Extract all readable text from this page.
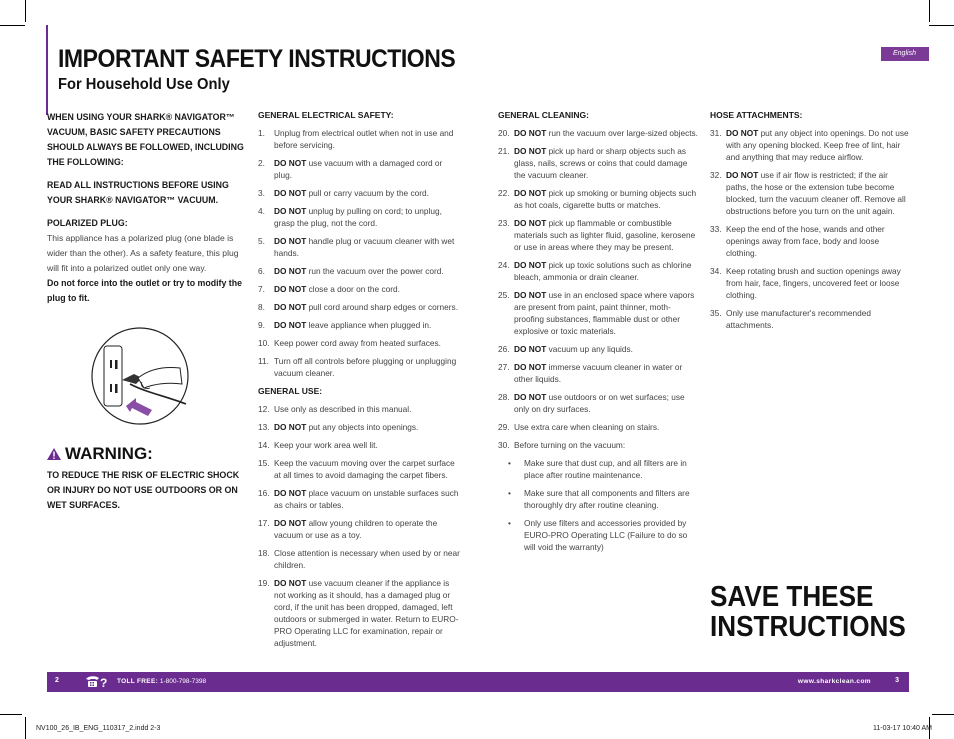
English
IMPORTANT SAFETY INSTRUCTIONS
For Household Use Only
WHEN USING YOUR SHARK® NAVIGATOR™ VACUUM, BASIC SAFETY PRECAUTIONS SHOULD ALWAYS BE FOLLOWED, INCLUDING THE FOLLOWING:
READ ALL INSTRUCTIONS BEFORE USING YOUR SHARK® NAVIGATOR™ VACUUM.
POLARIZED PLUG:
This appliance has a polarized plug (one blade is wider than the other). As a safety feature, this plug will fit into a polarized outlet only one way.
Do not force into the outlet or try to modify the plug to fit.
WARNING:
TO REDUCE THE RISK OF ELECTRIC SHOCK OR INJURY DO NOT USE OUTDOORS OR ON WET SURFACES.
GENERAL ELECTRICAL SAFETY:
1.	Unplug from electrical outlet when not in use and before servicing.
2.	DO NOT use vacuum with a damaged cord or plug.
3.	DO NOT pull or carry vacuum by the cord.
4.	DO NOT unplug by pulling on cord; to unplug, grasp the plug, not the cord.
5.	DO NOT handle plug or vacuum cleaner with wet hands.
6.	DO NOT run the vacuum over the power cord.
7.	DO NOT close a door on the cord.
8.	DO NOT pull cord around sharp edges or corners.
9.	DO NOT leave appliance when plugged in.
10. Keep power cord away from heated surfaces.
11. Turn off all controls before plugging or unplugging vacuum cleaner.
GENERAL USE:
12. Use only as described in this manual.
13. DO NOT put any objects into openings.
14. Keep your work area well lit.
15. Keep the vacuum moving over the carpet surface at all times to avoid damaging the carpet fibers.
16. DO NOT place vacuum on unstable surfaces such as chairs or tables.
17. DO NOT allow young children to operate the vacuum or use as a toy.
18. Close attention is necessary when used by or near children.
19. DO NOT use vacuum cleaner if the appliance is not working as it should, has a damaged plug or cord, if the unit has been dropped, damaged, left outdoors or submerged in water. Return to EURO-PRO Operating LLC for examination, repair or adjustment.
GENERAL CLEANING:
20. DO NOT run the vacuum over large-sized objects.
21. DO NOT pick up hard or sharp objects such as glass, nails, screws or coins that could damage the vacuum cleaner.
22. DO NOT pick up smoking or burning objects such as hot coals, cigarette butts or matches.
23. DO NOT pick up flammable or combustible materials such as lighter fluid, gasoline, kerosene or use in areas where they may be present.
24. DO NOT pick up toxic solutions such as chlorine bleach, ammonia or drain cleaner.
25. DO NOT use in an enclosed space where vapors are present from paint, paint thinner, moth-proofing substances, flammable dust or other explosive or toxic materials.
26. DO NOT vacuum up any liquids.
27. DO NOT immerse vacuum cleaner in water or other liquids.
28. DO NOT use outdoors or on wet surfaces; use only on dry surfaces.
29. Use extra care when cleaning on stairs.
30. Before turning on the vacuum:
•	Make sure that dust cup, and all filters are in place after routine maintenance.
•	Make sure that all components and filters are thoroughly dry after routine cleaning.
•	Only use filters and accessories provided by EURO-PRO Operating LLC (Failure to do so will void the warranty)
HOSE ATTACHMENTS:
31. DO NOT put any object into openings. Do not use with any opening blocked. Keep free of lint, hair and anything that may reduce airflow.
32. DO NOT use if air flow is restricted; if the air paths, the hose or the extension tube become blocked, turn the vacuum cleaner off. Remove all obstructions before you turn on the unit again.
33. Keep the end of the hose, wands and other openings away from face, body and loose clothing.
34. Keep rotating brush and suction openings away from hair, face, fingers, uncovered feet or loose clothing.
35. Only use manufacturer's recommended attachments.
SAVE THESE
INSTRUCTIONS
2	? TOLL FREE: 1-800-798-7398	www.sharkclean.com	3
NV100_26_IB_ENG_110317_2.indd 2-3	11-03-17 10:40 AM
